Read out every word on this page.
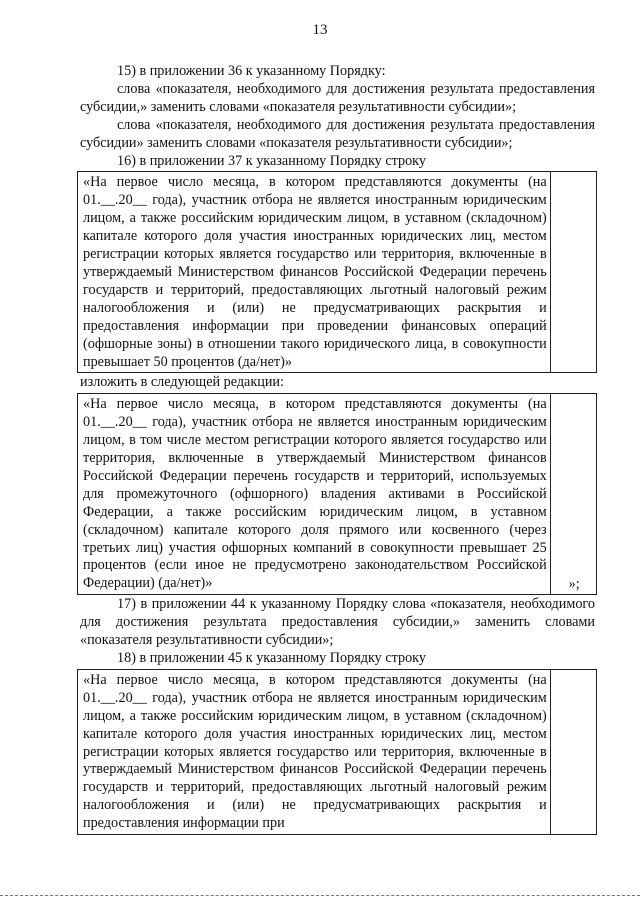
13

15) в приложении 36 к указанному Порядку:

слова «показателя, необходимого для достижения результата предоставления субсидии,» заменить словами «показателя результативности субсидии»;

слова «показателя, необходимого для достижения результата предоставления субсидии» заменить словами «показателя результативности субсидии»;

16) в приложении 37 к указанному Порядку строку

«На первое число месяца, в котором представляются документы (на 01.__.20__ года), участник отбора не является иностранным юридическим лицом, а также российским юридическим лицом, в уставном (складочном) капитале которого доля участия иностранных юридических лиц, местом регистрации которых является государство или территория, включенные в утверждаемый Министерством финансов Российской Федерации перечень государств и территорий, предоставляющих льготный налоговый режим налогообложения и (или) не предусматривающих раскрытия и предоставления информации при проведении финансовых операций (офшорные зоны) в отношении такого юридического лица, в совокупности превышает 50 процентов (да/нет)»	

изложить в следующей редакции:

«На первое число месяца, в котором представляются документы (на 01.__.20__ года), участник отбора не является иностранным юридическим лицом, в том числе местом регистрации которого является государство или территория, включенные в утверждаемый Министерством финансов Российской Федерации перечень государств и территорий, используемых для промежуточного (офшорного) владения активами в Российской Федерации, а также российским юридическим лицом, в уставном (складочном) капитале которого доля прямого или косвенного (через третьих лиц) участия офшорных компаний в совокупности превышает 25 процентов (если иное не предусмотрено законодательством Российской Федерации) (да/нет)»	»;

17) в приложении 44 к указанному Порядку слова «показателя, необходимого для достижения результата предоставления субсидии,» заменить словами «показателя результативности субсидии»;

18) в приложении 45 к указанному Порядку строку

«На первое число месяца, в котором представляются документы (на 01.__.20__ года), участник отбора не является иностранным юридическим лицом, а также российским юридическим лицом, в уставном (складочном) капитале которого доля участия иностранных юридических лиц, местом регистрации которых является государство или территория, включенные в утверждаемый Министерством финансов Российской Федерации перечень государств и территорий, предоставляющих льготный налоговый режим налогообложения и (или) не предусматривающих раскрытия и предоставления информации при	
